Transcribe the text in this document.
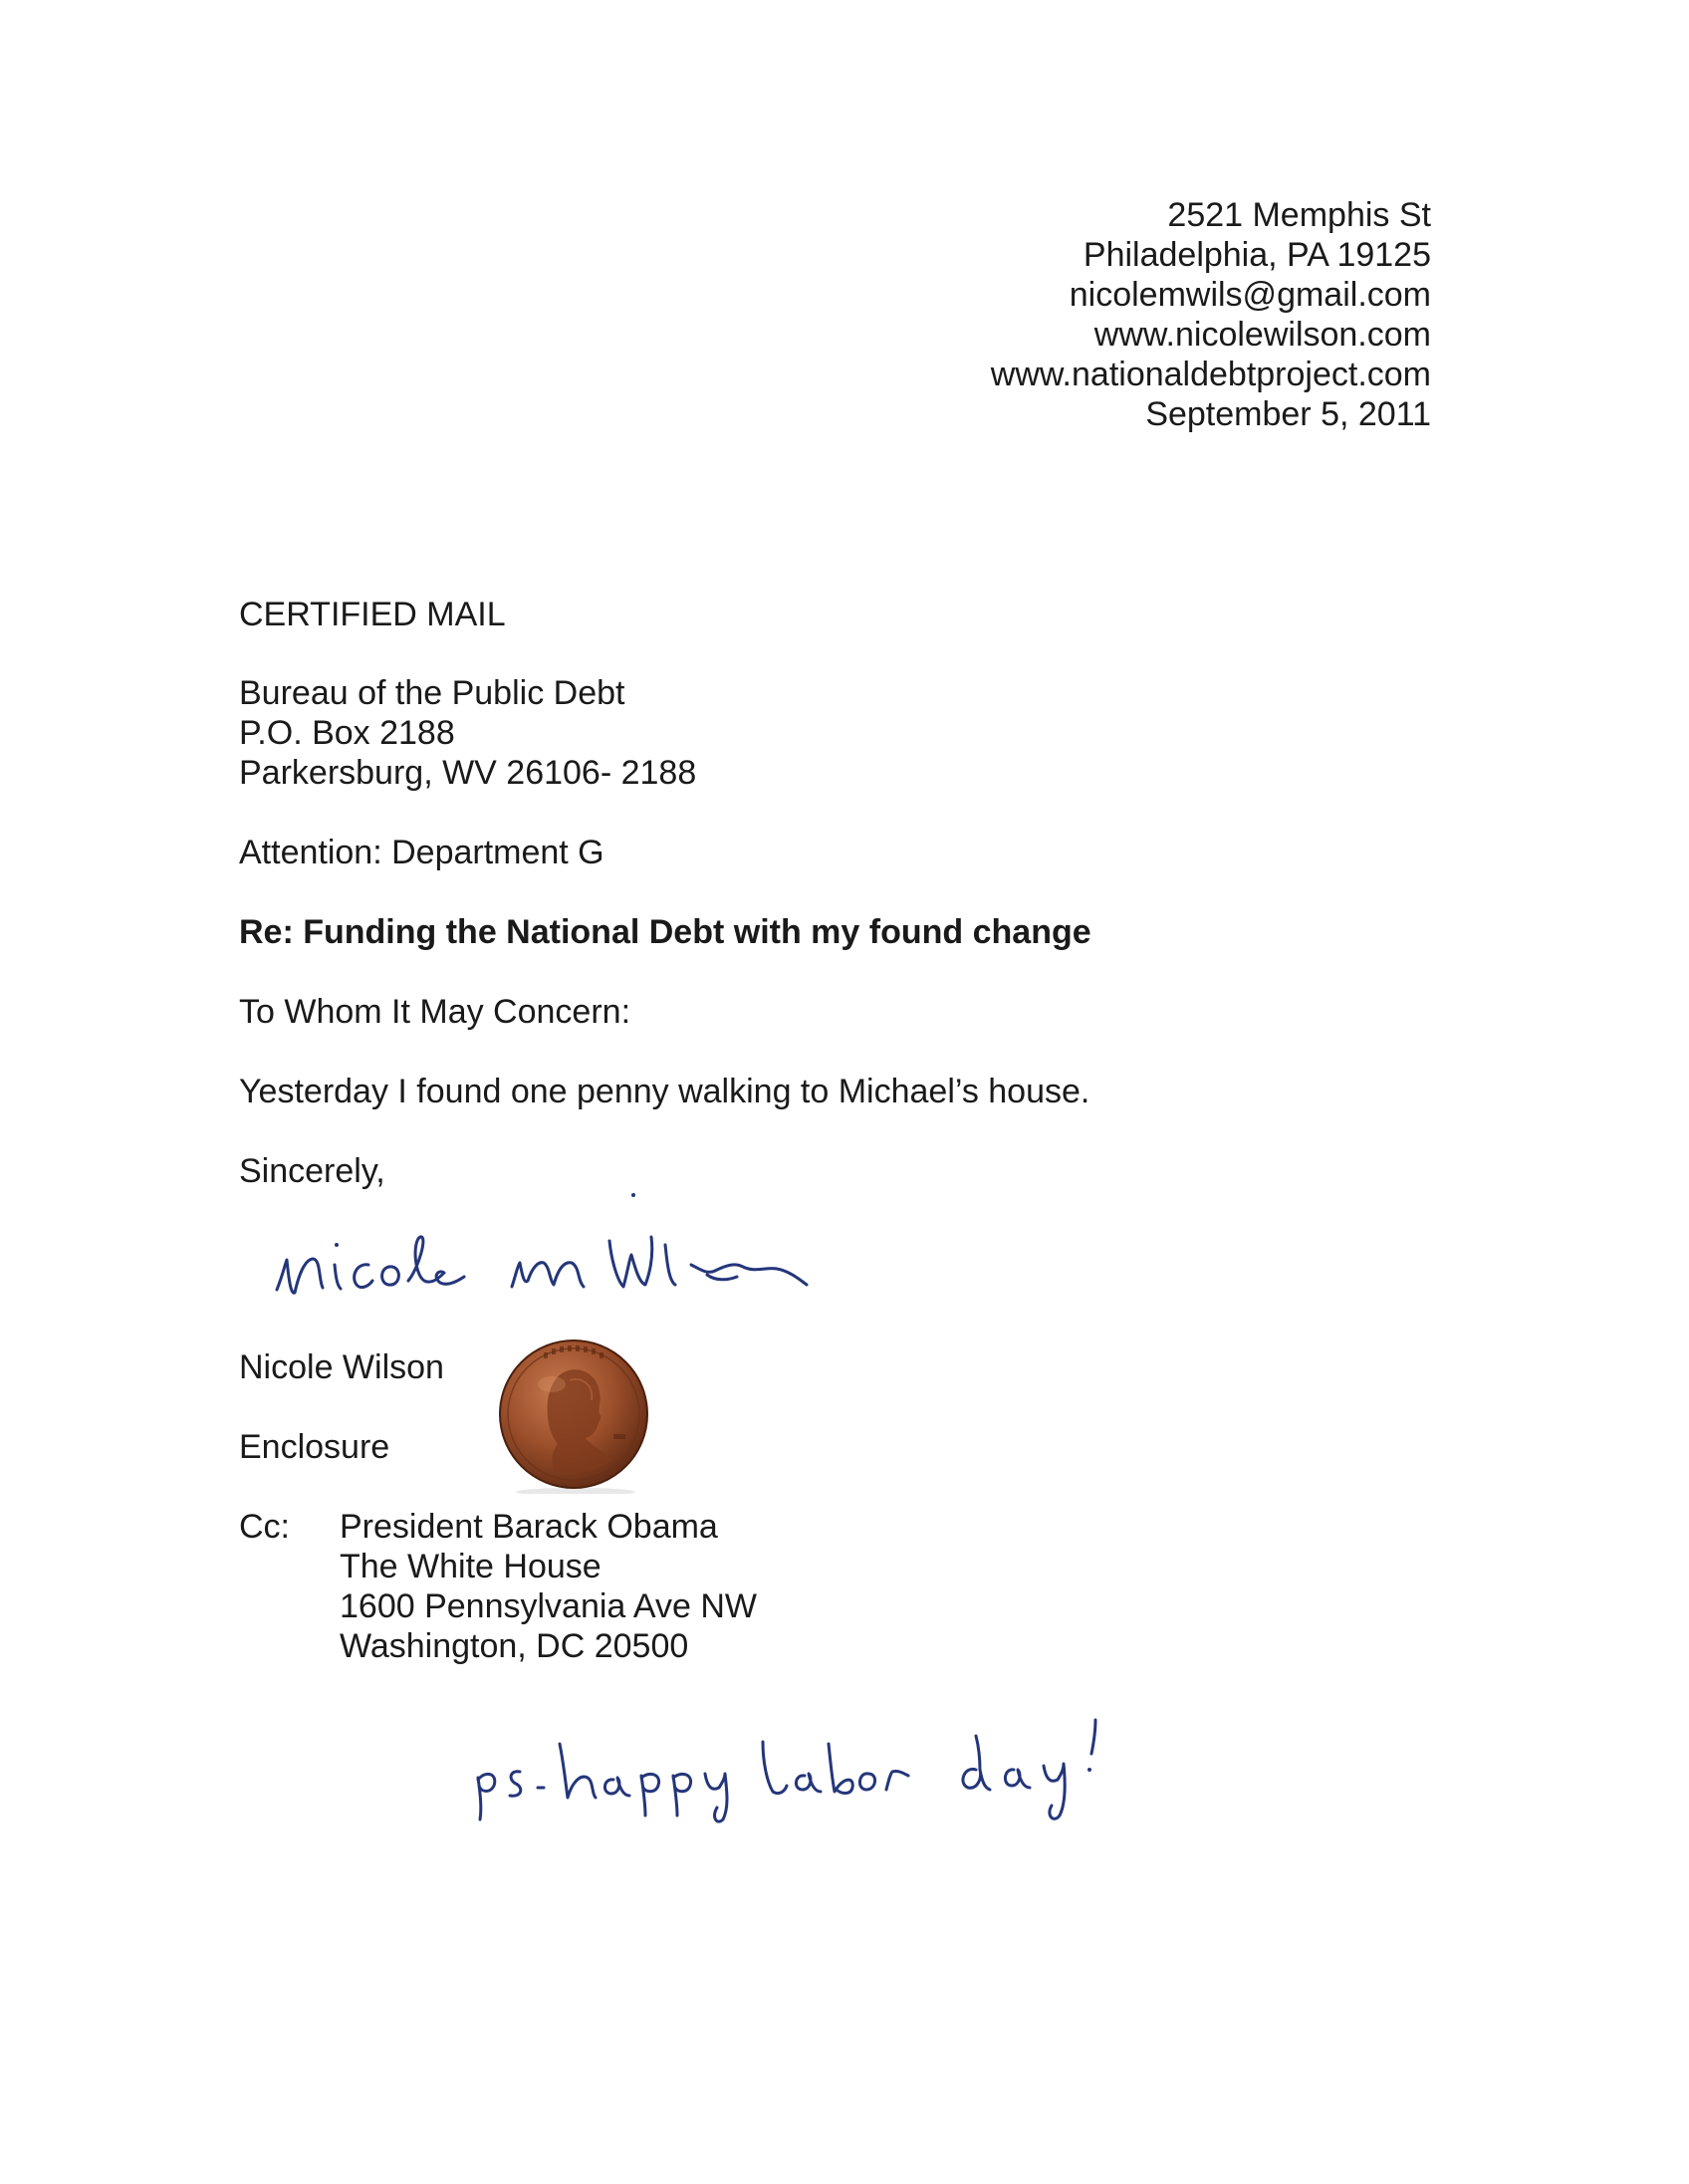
2521 Memphis St
Philadelphia, PA 19125
nicolemwils@gmail.com
www.nicolewilson.com
www.nationaldebtproject.com
September 5, 2011
CERTIFIED MAIL
Bureau of the Public Debt
P.O. Box 2188
Parkersburg, WV 26106- 2188
Attention: Department G
Re: Funding the National Debt with my found change
To Whom It May Concern:
Yesterday I found one penny walking to Michael’s house.
Sincerely,
Nicole Wilson
Enclosure
Cc: President Barack Obama
The White House
1600 Pennsylvania Ave NW
Washington, DC 20500
